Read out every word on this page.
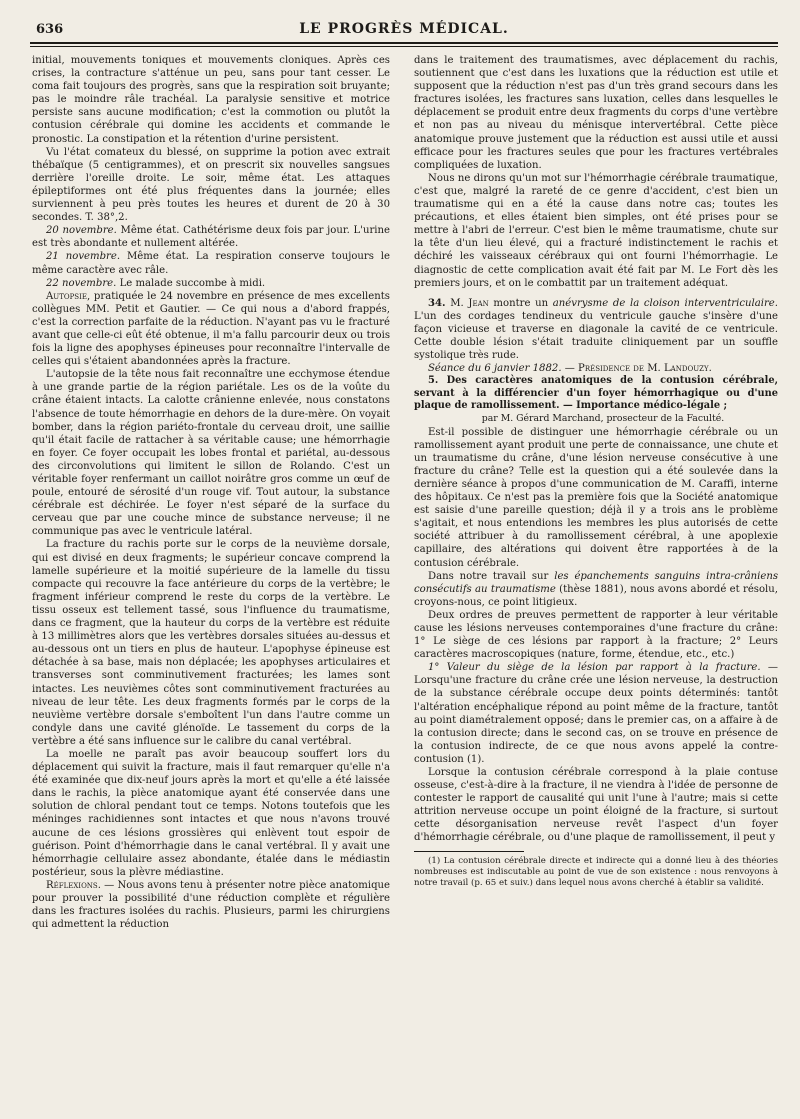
636	LE PROGRÈS MÉDICAL.

initial, mouvements toniques et mouvements cloniques. Après ces crises, la contracture s'atténue un peu, sans pour tant cesser. Le coma fait toujours des progrès, sans que la respiration soit bruyante; pas le moindre râle trachéal. La paralysie sensitive et motrice persiste sans aucune modification; c'est la commotion ou plutôt la contusion cérébrale qui domine les accidents et commande le pronostic. La constipation et la rétention d'urine persistent.

Vu l'état comateux du blessé, on supprime la potion avec extrait thébaïque (5 centigrammes), et on prescrit six nouvelles sangsues derrière l'oreille droite. Le soir, même état. Les attaques épileptiformes ont été plus fréquentes dans la journée; elles surviennent à peu près toutes les heures et durent de 20 à 30 secondes. T. 38°,2.

20 novembre. Même état. Cathétérisme deux fois par jour. L'urine est très abondante et nullement altérée.

21 novembre. Même état. La respiration conserve toujours le même caractère avec râle.

22 novembre. Le malade succombe à midi.

Autopsie, pratiquée le 24 novembre en présence de mes excellents collègues MM. Petit et Gautier. — Ce qui nous a d'abord frappés, c'est la correction parfaite de la réduction. N'ayant pas vu le fracturé avant que celle-ci eût été obtenue, il m'a fallu parcourir deux ou trois fois la ligne des apophyses épineuses pour reconnaître l'intervalle de celles qui s'étaient abandonnées après la fracture.

L'autopsie de la tête nous fait reconnaître une ecchymose étendue à une grande partie de la région pariétale. Les os de la voûte du crâne étaient intacts. La calotte crânienne enlevée, nous constatons l'absence de toute hémorrhagie en dehors de la dure-mère. On voyait bomber, dans la région pariéto-frontale du cerveau droit, une saillie qu'il était facile de rattacher à sa véritable cause; une hémorrhagie en foyer. Ce foyer occupait les lobes frontal et pariétal, au-dessous des circonvolutions qui limitent le sillon de Rolando. C'est un véritable foyer renfermant un caillot noirâtre gros comme un œuf de poule, entouré de sérosité d'un rouge vif. Tout autour, la substance cérébrale est déchirée. Le foyer n'est séparé de la surface du cerveau que par une couche mince de substance nerveuse; il ne communique pas avec le ventricule latéral.

La fracture du rachis porte sur le corps de la neuvième dorsale, qui est divisé en deux fragments; le supérieur concave comprend la lamelle supérieure et la moitié supérieure de la lamelle du tissu compacte qui recouvre la face antérieure du corps de la vertèbre; le fragment inférieur comprend le reste du corps de la vertèbre. Le tissu osseux est tellement tassé, sous l'influence du traumatisme, dans ce fragment, que la hauteur du corps de la vertèbre est réduite à 13 millimètres alors que les vertèbres dorsales situées au-dessus et au-dessous ont un tiers en plus de hauteur. L'apophyse épineuse est détachée à sa base, mais non déplacée; les apophyses articulaires et transverses sont comminutivement fracturées; les lames sont intactes. Les neuvièmes côtes sont comminutivement fracturées au niveau de leur tête. Les deux fragments formés par le corps de la neuvième vertèbre dorsale s'emboîtent l'un dans l'autre comme un condyle dans une cavité glénoïde. Le tassement du corps de la vertèbre a été sans influence sur le calibre du canal vertébral.

La moelle ne paraît pas avoir beaucoup souffert lors du déplacement qui suivit la fracture, mais il faut remarquer qu'elle n'a été examinée que dix-neuf jours après la mort et qu'elle a été laissée dans le rachis, la pièce anatomique ayant été conservée dans une solution de chloral pendant tout ce temps. Notons toutefois que les méninges rachidiennes sont intactes et que nous n'avons trouvé aucune de ces lésions grossières qui enlèvent tout espoir de guérison. Point d'hémorrhagie dans le canal vertébral. Il y avait une hémorrhagie cellulaire assez abondante, étalée dans le médiastin postérieur, sous la plèvre médiastine.

Réflexions. — Nous avons tenu à présenter notre pièce anatomique pour prouver la possibilité d'une réduction complète et régulière dans les fractures isolées du rachis. Plusieurs, parmi les chirurgiens qui admettent la réduction

dans le traitement des traumatismes, avec déplacement du rachis, soutiennent que c'est dans les luxations que la réduction est utile et supposent que la réduction n'est pas d'un très grand secours dans les fractures isolées, les fractures sans luxation, celles dans lesquelles le déplacement se produit entre deux fragments du corps d'une vertèbre et non pas au niveau du ménisque intervertébral. Cette pièce anatomique prouve justement que la réduction est aussi utile et aussi efficace pour les fractures seules que pour les fractures vertébrales compliquées de luxation.

Nous ne dirons qu'un mot sur l'hémorrhagie cérébrale traumatique, c'est que, malgré la rareté de ce genre d'accident, c'est bien un traumatisme qui en a été la cause dans notre cas; toutes les précautions, et elles étaient bien simples, ont été prises pour se mettre à l'abri de l'erreur. C'est bien le même traumatisme, chute sur la tête d'un lieu élevé, qui a fracturé indistinctement le rachis et déchiré les vaisseaux cérébraux qui ont fourni l'hémorrhagie. Le diagnostic de cette complication avait été fait par M. Le Fort dès les premiers jours, et on le combattit par un traitement adéquat.

34. M. Jean montre un anévrysme de la cloison interventriculaire. L'un des cordages tendineux du ventricule gauche s'insère d'une façon vicieuse et traverse en diagonale la cavité de ce ventricule. Cette double lésion s'était traduite cliniquement par un souffle systolique très rude.

Séance du 6 janvier 1882. — Présidence de M. Landouzy.

5. Des caractères anatomiques de la contusion cérébrale, servant à la différencier d'un foyer hémorrhagique ou d'une plaque de ramollissement. — Importance médico-légale ;

par M. Gérard Marchand, prosecteur de la Faculté.

Est-il possible de distinguer une hémorrhagie cérébrale ou un ramollissement ayant produit une perte de connaissance, une chute et un traumatisme du crâne, d'une lésion nerveuse consécutive à une fracture du crâne? Telle est la question qui a été soulevée dans la dernière séance à propos d'une communication de M. Caraffi, interne des hôpitaux. Ce n'est pas la première fois que la Société anatomique est saisie d'une pareille question; déjà il y a trois ans le problème s'agitait, et nous entendions les membres les plus autorisés de cette société attribuer à du ramollissement cérébral, à une apoplexie capillaire, des altérations qui doivent être rapportées à de la contusion cérébrale.

Dans notre travail sur les épanchements sanguins intra-crâniens consécutifs au traumatisme (thèse 1881), nous avons abordé et résolu, croyons-nous, ce point litigieux.

Deux ordres de preuves permettent de rapporter à leur véritable cause les lésions nerveuses contemporaines d'une fracture du crâne: 1° Le siège de ces lésions par rapport à la fracture; 2° Leurs caractères macroscopiques (nature, forme, étendue, etc., etc.)

1° Valeur du siège de la lésion par rapport à la fracture. — Lorsqu'une fracture du crâne crée une lésion nerveuse, la destruction de la substance cérébrale occupe deux points déterminés: tantôt l'altération encéphalique répond au point même de la fracture, tantôt au point diamétralement opposé; dans le premier cas, on a affaire à de la contusion directe; dans le second cas, on se trouve en présence de la contusion indirecte, de ce que nous avons appelé la contre-contusion (1).

Lorsque la contusion cérébrale correspond à la plaie contuse osseuse, c'est-à-dire à la fracture, il ne viendra à l'idée de personne de contester le rapport de causalité qui unit l'une à l'autre; mais si cette attrition nerveuse occupe un point éloigné de la fracture, si surtout cette désorganisation nerveuse revêt l'aspect d'un foyer d'hémorrhagie cérébrale, ou d'une plaque de ramollissement, il peut y

(1) La contusion cérébrale directe et indirecte qui a donné lieu à des théories nombreuses est indiscutable au point de vue de son existence : nous renvoyons à notre travail (p. 65 et suiv.) dans lequel nous avons cherché à établir sa validité.
